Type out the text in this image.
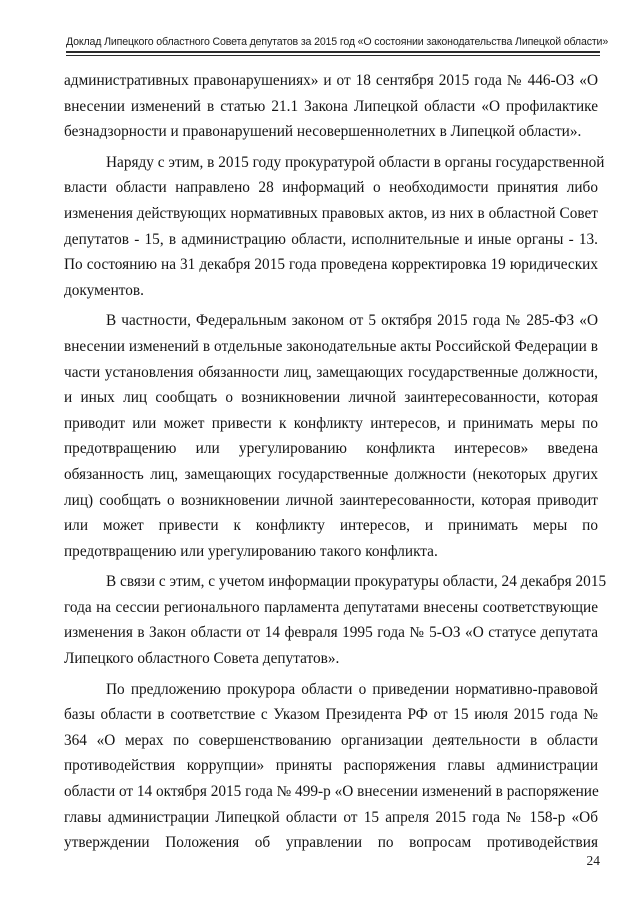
Доклад Липецкого областного Совета депутатов за 2015 год «О состоянии законодательства Липецкой области»
административных правонарушениях» и от 18 сентября 2015 года № 446-ОЗ «О
внесении изменений в статью 21.1 Закона Липецкой области «О профилактике
безнадзорности и правонарушений несовершеннолетних в Липецкой области».
Наряду с этим, в 2015 году прокуратурой области в органы государственной
власти области направлено 28 информаций о необходимости принятия либо
изменения действующих нормативных правовых актов, из них в областной Совет
депутатов - 15, в администрацию области, исполнительные и иные органы - 13.
По состоянию на 31 декабря 2015 года проведена корректировка 19 юридических
документов.
В частности, Федеральным законом от 5 октября 2015 года № 285-ФЗ «О
внесении изменений в отдельные законодательные акты Российской Федерации в
части установления обязанности лиц, замещающих государственные должности,
и иных лиц сообщать о возникновении личной заинтересованности, которая
приводит или может привести к конфликту интересов, и принимать меры по
предотвращению или урегулированию конфликта интересов» введена
обязанность лиц, замещающих государственные должности (некоторых других
лиц) сообщать о возникновении личной заинтересованности, которая приводит
или может привести к конфликту интересов, и принимать меры по
предотвращению или урегулированию такого конфликта.
В связи с этим, с учетом информации прокуратуры области, 24 декабря 2015
года на сессии регионального парламента депутатами внесены соответствующие
изменения в Закон области от 14 февраля 1995 года № 5-ОЗ «О статусе депутата
Липецкого областного Совета депутатов».
По предложению прокурора области о приведении нормативно-правовой
базы области в соответствие с Указом Президента РФ от 15 июля 2015 года №
364 «О мерах по совершенствованию организации деятельности в области
противодействия коррупции» приняты распоряжения главы администрации
области от 14 октября 2015 года № 499-р «О внесении изменений в распоряжение
главы администрации Липецкой области от 15 апреля 2015 года № 158-р «Об
утверждении Положения об управлении по вопросам противодействия
24
